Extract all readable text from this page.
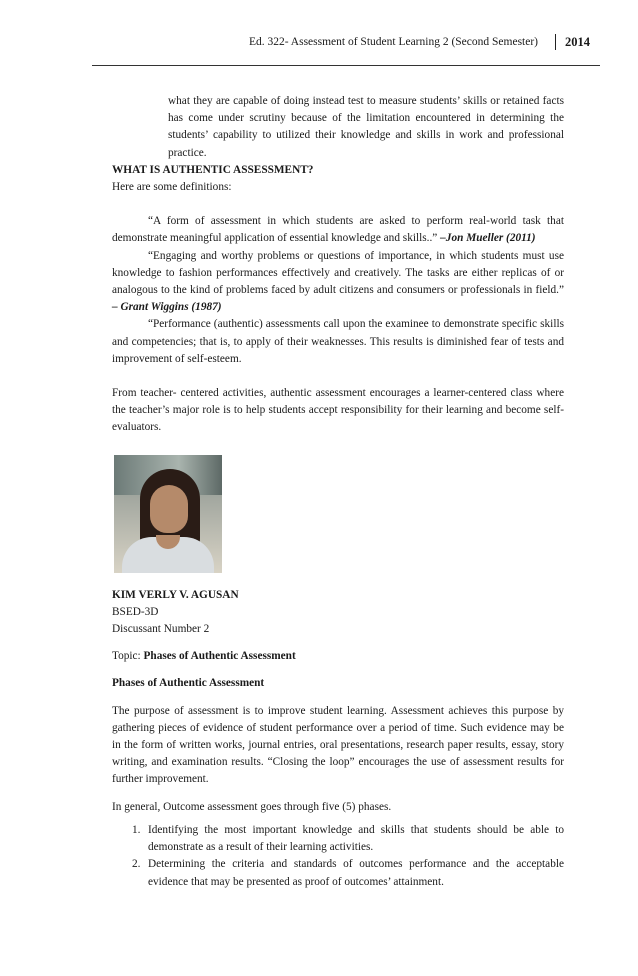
Ed. 322- Assessment of Student Learning 2 (Second Semester) 2014

what they are capable of doing instead test to measure students’ skills or retained facts has come under scrutiny because of the limitation encountered in determining the students’ capability to utilized their knowledge and skills in work and professional practice.

WHAT IS AUTHENTIC ASSESSMENT?

Here are some definitions:

“A form of assessment in which students are asked to perform real-world task that demonstrate meaningful application of essential knowledge and skills..” –Jon Mueller (2011)

“Engaging and worthy problems or questions of importance, in which students must use knowledge to fashion performances effectively and creatively. The tasks are either replicas of or analogous to the kind of problems faced by adult citizens and consumers or professionals in field.” – Grant Wiggins (1987)

“Performance (authentic) assessments call upon the examinee to demonstrate specific skills and competencies; that is, to apply of their weaknesses. This results is diminished fear of tests and improvement of self-esteem.

From teacher- centered activities, authentic assessment encourages a learner-centered class where the teacher’s major role is to help students accept responsibility for their learning and become self-evaluators.

KIM VERLY V. AGUSAN

BSED-3D

Discussant Number 2

Topic: Phases of Authentic Assessment

Phases of Authentic Assessment

The purpose of assessment is to improve student learning. Assessment achieves this purpose by gathering pieces of evidence of student performance over a period of time. Such evidence may be in the form of written works, journal entries, oral presentations, research paper results, essay, story writing, and examination results. “Closing the loop” encourages the use of assessment results for further improvement.

In general, Outcome assessment goes through five (5) phases.

1. Identifying the most important knowledge and skills that students should be able to demonstrate as a result of their learning activities.
2. Determining the criteria and standards of outcomes performance and the acceptable evidence that may be presented as proof of outcomes’ attainment.
